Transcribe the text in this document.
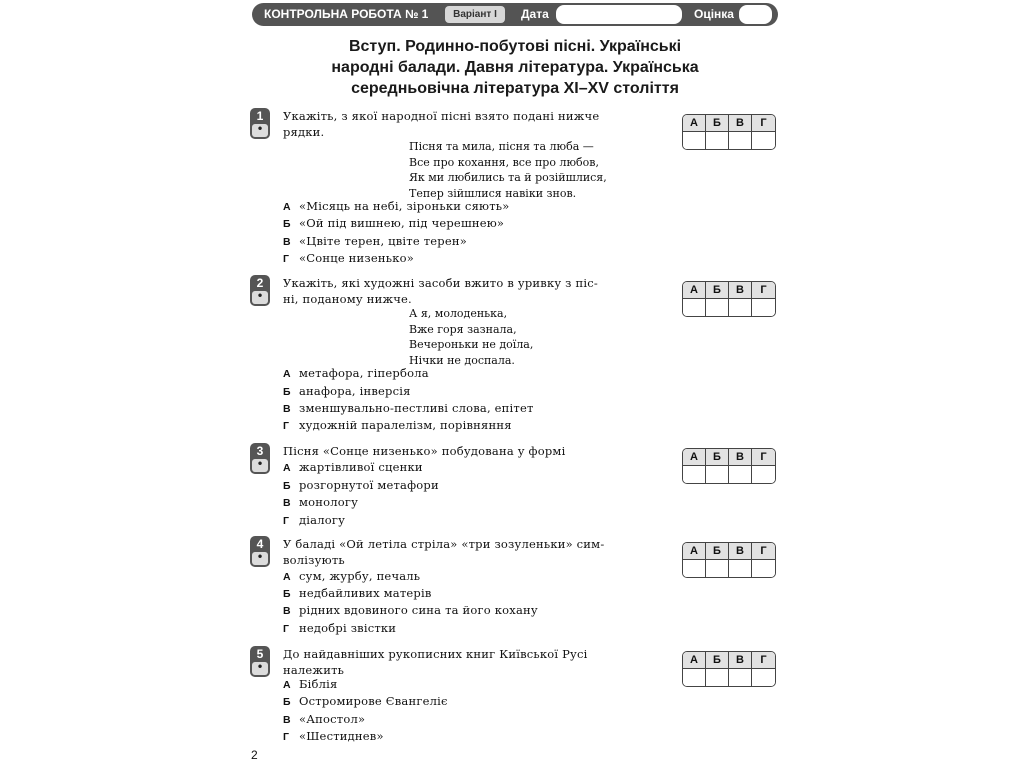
КОНТРОЛЬНА РОБОТА № 1	Варіант І	Дата	Оцінка
Вступ. Родинно-побутові пісні. Українські
народні балади. Давня література. Українська
середньовічна література XI–XV століття
1
•
Укажіть, з якої народної пісні взято подані нижче
рядки.
Пісня та мила, пісня та люба —
Все про кохання, все про любов,
Як ми любились та й розійшлися,
Тепер зійшлися навіки знов.
А «Місяць на небі, зіроньки сяють»
Б «Ой під вишнею, під черешнею»
В «Цвіте терен, цвіте терен»
Г «Сонце низенько»
А	Б	В	Г
2
•
Укажіть, які художні засоби вжито в уривку з піс-
ні, поданому нижче.
А я, молоденька,
Вже горя зазнала,
Вечероньки не доїла,
Нічки не доспала.
А метафора, гіпербола
Б анафора, інверсія
В зменшувально-пестливі слова, епітет
Г художній паралелізм, порівняння
А	Б	В	Г
3
•
Пісня «Сонце низенько» побудована у формі
А жартівливої сценки
Б розгорнутої метафори
В монологу
Г діалогу
А	Б	В	Г
4
•
У баладі «Ой летіла стріла» «три зозуленьки» сим-
волізують
А сум, журбу, печаль
Б недбайливих матерів
В рідних вдовиного сина та його кохану
Г недобрі звістки
А	Б	В	Г
5
•
До найдавніших рукописних книг Київської Русі
належить
А Біблія
Б Остромирове Євангеліє
В «Апостол»
Г «Шестиднев»
А	Б	В	Г
2
